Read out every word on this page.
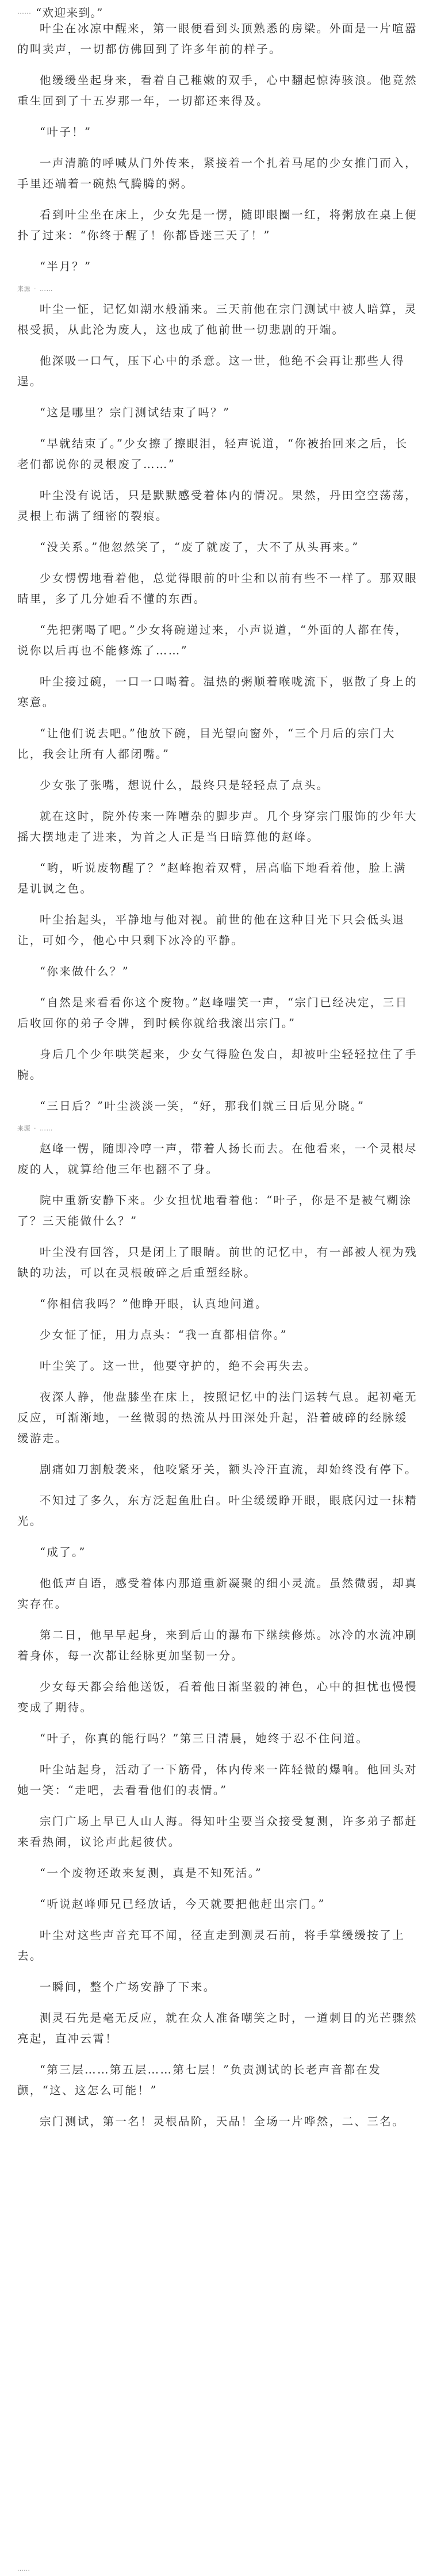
…… “欢迎来到。”

叶尘在冰凉中醒来，第一眼便看到头顶熟悉的房梁。外面是一片喧嚣的叫卖声，一切都仿佛回到了许多年前的样子。

他缓缓坐起身来，看着自己稚嫩的双手，心中翻起惊涛骇浪。他竟然重生回到了十五岁那一年，一切都还来得及。

“叶子！”

一声清脆的呼喊从门外传来，紧接着一个扎着马尾的少女推门而入，手里还端着一碗热气腾腾的粥。

看到叶尘坐在床上，少女先是一愣，随即眼圈一红，将粥放在桌上便扑了过来：“你终于醒了！你都昏迷三天了！”

“半月？”

来源 · ……

叶尘一怔，记忆如潮水般涌来。三天前他在宗门测试中被人暗算，灵根受损，从此沦为废人，这也成了他前世一切悲剧的开端。

他深吸一口气，压下心中的杀意。这一世，他绝不会再让那些人得逞。

“这是哪里？宗门测试结束了吗？”

“早就结束了。”少女擦了擦眼泪，轻声说道，“你被抬回来之后，长老们都说你的灵根废了……”

叶尘没有说话，只是默默感受着体内的情况。果然，丹田空空荡荡，灵根上布满了细密的裂痕。

“没关系。”他忽然笑了，“废了就废了，大不了从头再来。”

少女愣愣地看着他，总觉得眼前的叶尘和以前有些不一样了。那双眼睛里，多了几分她看不懂的东西。

“先把粥喝了吧。”少女将碗递过来，小声说道，“外面的人都在传，说你以后再也不能修炼了……”

叶尘接过碗，一口一口喝着。温热的粥顺着喉咙流下，驱散了身上的寒意。

“让他们说去吧。”他放下碗，目光望向窗外，“三个月后的宗门大比，我会让所有人都闭嘴。”

少女张了张嘴，想说什么，最终只是轻轻点了点头。

就在这时，院外传来一阵嘈杂的脚步声。几个身穿宗门服饰的少年大摇大摆地走了进来，为首之人正是当日暗算他的赵峰。

“哟，听说废物醒了？”赵峰抱着双臂，居高临下地看着他，脸上满是讥讽之色。

叶尘抬起头，平静地与他对视。前世的他在这种目光下只会低头退让，可如今，他心中只剩下冰冷的平静。

“你来做什么？”

“自然是来看看你这个废物。”赵峰嗤笑一声，“宗门已经决定，三日后收回你的弟子令牌，到时候你就给我滚出宗门。”

身后几个少年哄笑起来，少女气得脸色发白，却被叶尘轻轻拉住了手腕。

“三日后？”叶尘淡淡一笑，“好，那我们就三日后见分晓。”

来源 · ……

赵峰一愣，随即冷哼一声，带着人扬长而去。在他看来，一个灵根尽废的人，就算给他三年也翻不了身。

院中重新安静下来。少女担忧地看着他：“叶子，你是不是被气糊涂了？三天能做什么？”

叶尘没有回答，只是闭上了眼睛。前世的记忆中，有一部被人视为残缺的功法，可以在灵根破碎之后重塑经脉。

“你相信我吗？”他睁开眼，认真地问道。

少女怔了怔，用力点头：“我一直都相信你。”

叶尘笑了。这一世，他要守护的，绝不会再失去。

夜深人静，他盘膝坐在床上，按照记忆中的法门运转气息。起初毫无反应，可渐渐地，一丝微弱的热流从丹田深处升起，沿着破碎的经脉缓缓游走。

剧痛如刀割般袭来，他咬紧牙关，额头冷汗直流，却始终没有停下。

不知过了多久，东方泛起鱼肚白。叶尘缓缓睁开眼，眼底闪过一抹精光。

“成了。”

他低声自语，感受着体内那道重新凝聚的细小灵流。虽然微弱，却真实存在。

第二日，他早早起身，来到后山的瀑布下继续修炼。冰冷的水流冲刷着身体，每一次都让经脉更加坚韧一分。

少女每天都会给他送饭，看着他日渐坚毅的神色，心中的担忧也慢慢变成了期待。

“叶子，你真的能行吗？”第三日清晨，她终于忍不住问道。

叶尘站起身，活动了一下筋骨，体内传来一阵轻微的爆响。他回头对她一笑：“走吧，去看看他们的表情。”

宗门广场上早已人山人海。得知叶尘要当众接受复测，许多弟子都赶来看热闹，议论声此起彼伏。

“一个废物还敢来复测，真是不知死活。”

“听说赵峰师兄已经放话，今天就要把他赶出宗门。”

叶尘对这些声音充耳不闻，径直走到测灵石前，将手掌缓缓按了上去。

一瞬间，整个广场安静了下来。

测灵石先是毫无反应，就在众人准备嘲笑之时，一道刺目的光芒骤然亮起，直冲云霄！

“第三层……第五层……第七层！”负责测试的长老声音都在发颤，“这、这怎么可能！”

宗门测试，第一名！灵根品阶，天品！全场一片哗然，二、三名。

……
